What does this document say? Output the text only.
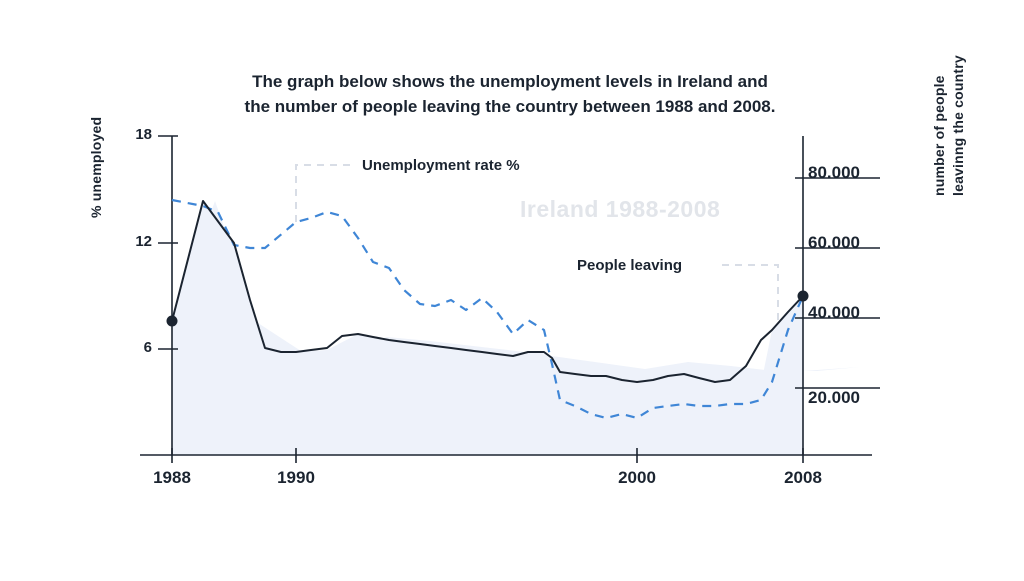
The graph below shows the unemployment levels in Ireland and
the number of people leaving the country between 1988 and 2008.
% unemployed	number of people leavinng the country
18
12
6
80.000
60.000
40.000
20.000
1988	1990	2000	2008
Unemployment rate %
People leaving
Ireland 1988-2008
